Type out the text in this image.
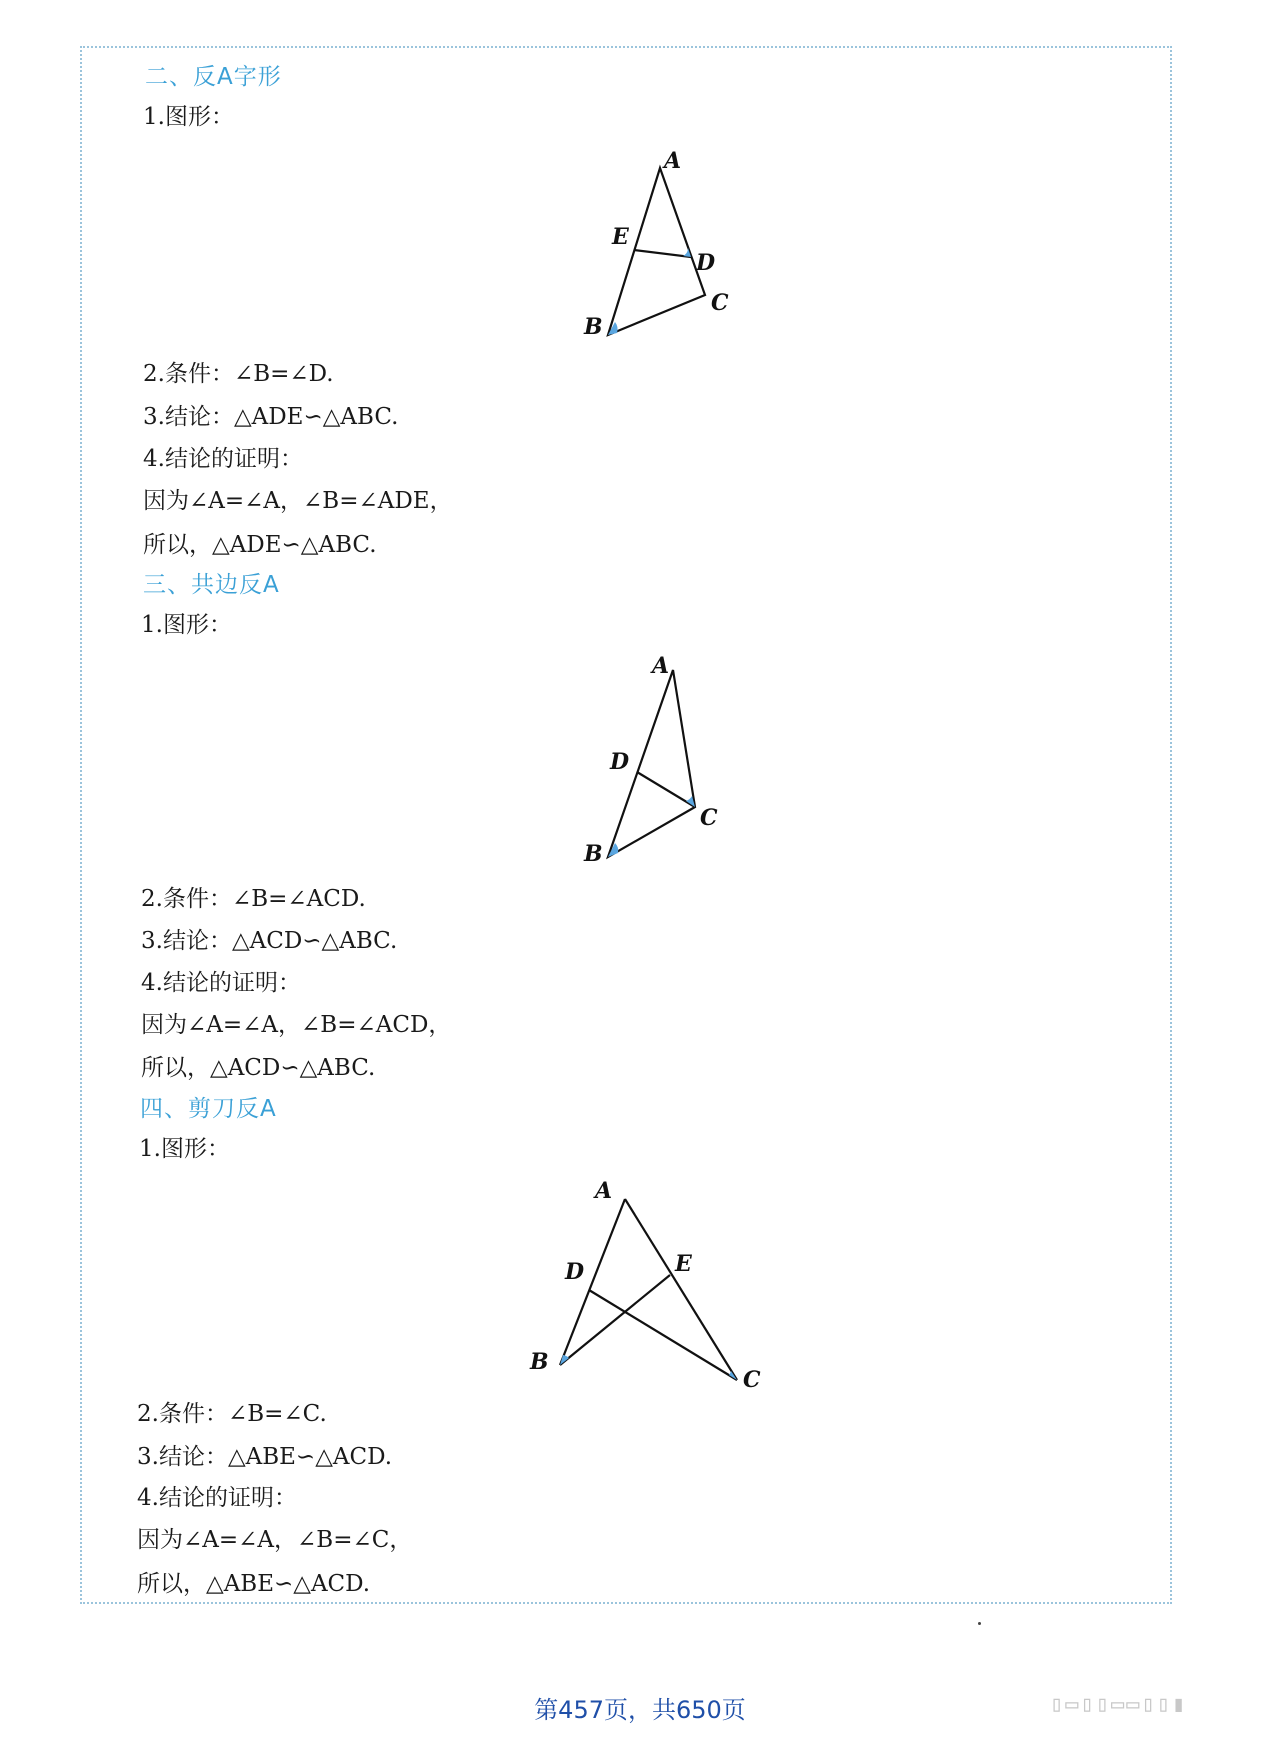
二、反A字形
1.图形：
A
E
D
C
B
2.条件：∠B=∠D.
3.结论：△ADE∽△ABC.
4.结论的证明：
因为∠A=∠A，∠B=∠ADE，
所以，△ADE∽△ABC.
三、共边反A
1.图形：
A
D
C
B
2.条件：∠B=∠ACD.
3.结论：△ACD∽△ABC.
4.结论的证明：
因为∠A=∠A，∠B=∠ACD，
所以，△ACD∽△ABC.
四、剪刀反A
1.图形：
A
D	E
B
C
2.条件：∠B=∠C.
3.结论：△ABE∽△ACD.
4.结论的证明：
因为∠A=∠A，∠B=∠C，
所以，△ABE∽△ACD.
第457页，共650页	▯▭▯▯▭▭▯▯▮
